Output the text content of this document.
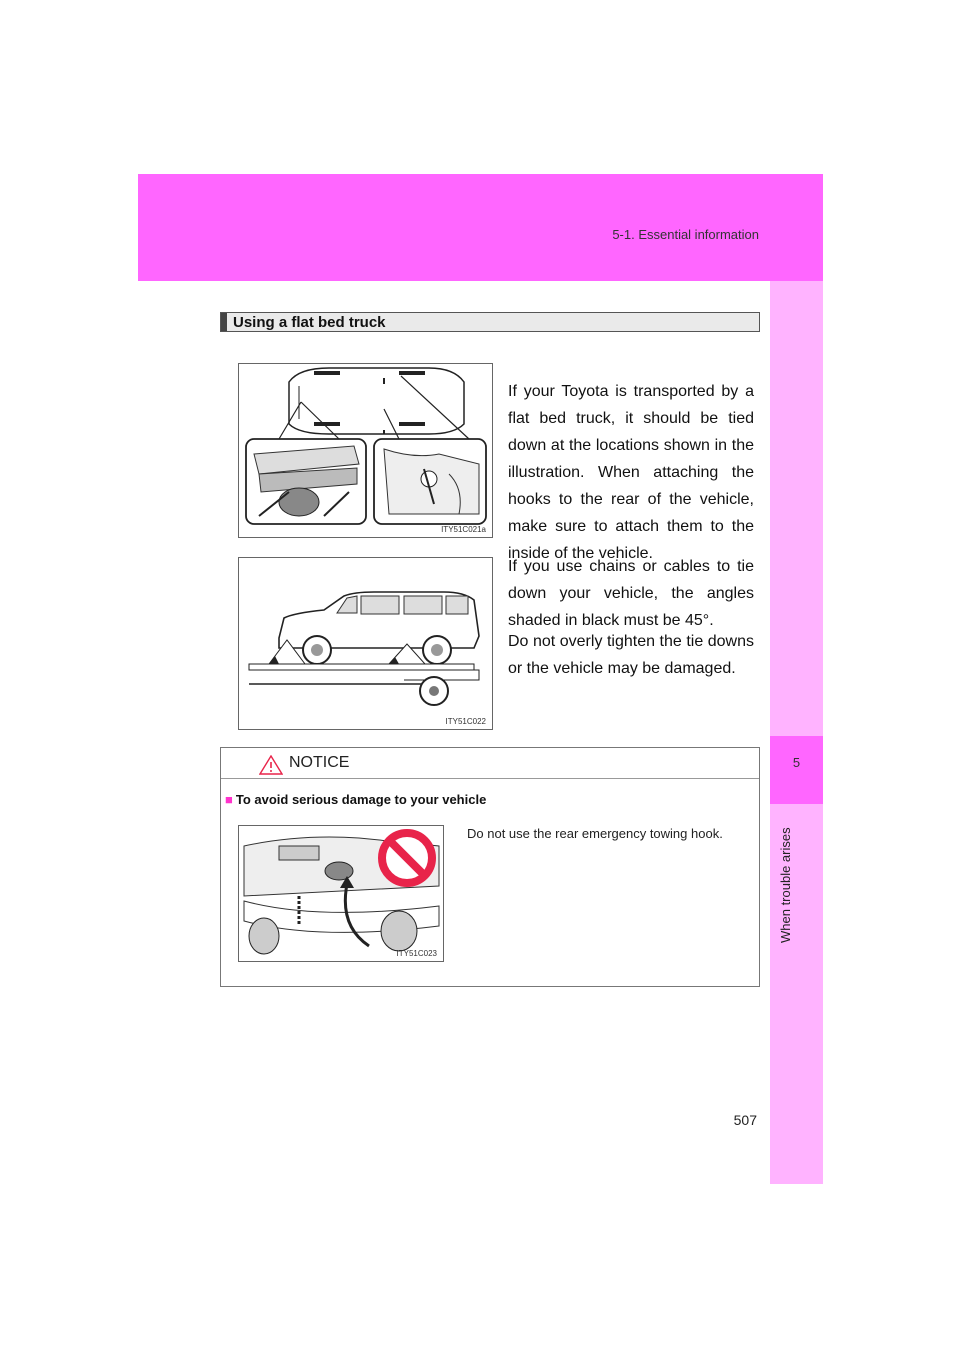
5-1. Essential information
5
When trouble arises
Using a flat bed truck
ITY51C021a
If your Toyota is transported by a flat bed truck, it should be tied down at the locations shown in the illustration. When attaching the hooks to the rear of the vehicle, make sure to attach them to the inside of the vehicle.
ITY51C022
If you use chains or cables to tie down your vehicle, the angles shaded in black must be 45°.
Do not overly tighten the tie downs or the vehicle may be damaged.
NOTICE
■ To avoid serious damage to your vehicle
ITY51C023
Do not use the rear emergency towing hook.
507
